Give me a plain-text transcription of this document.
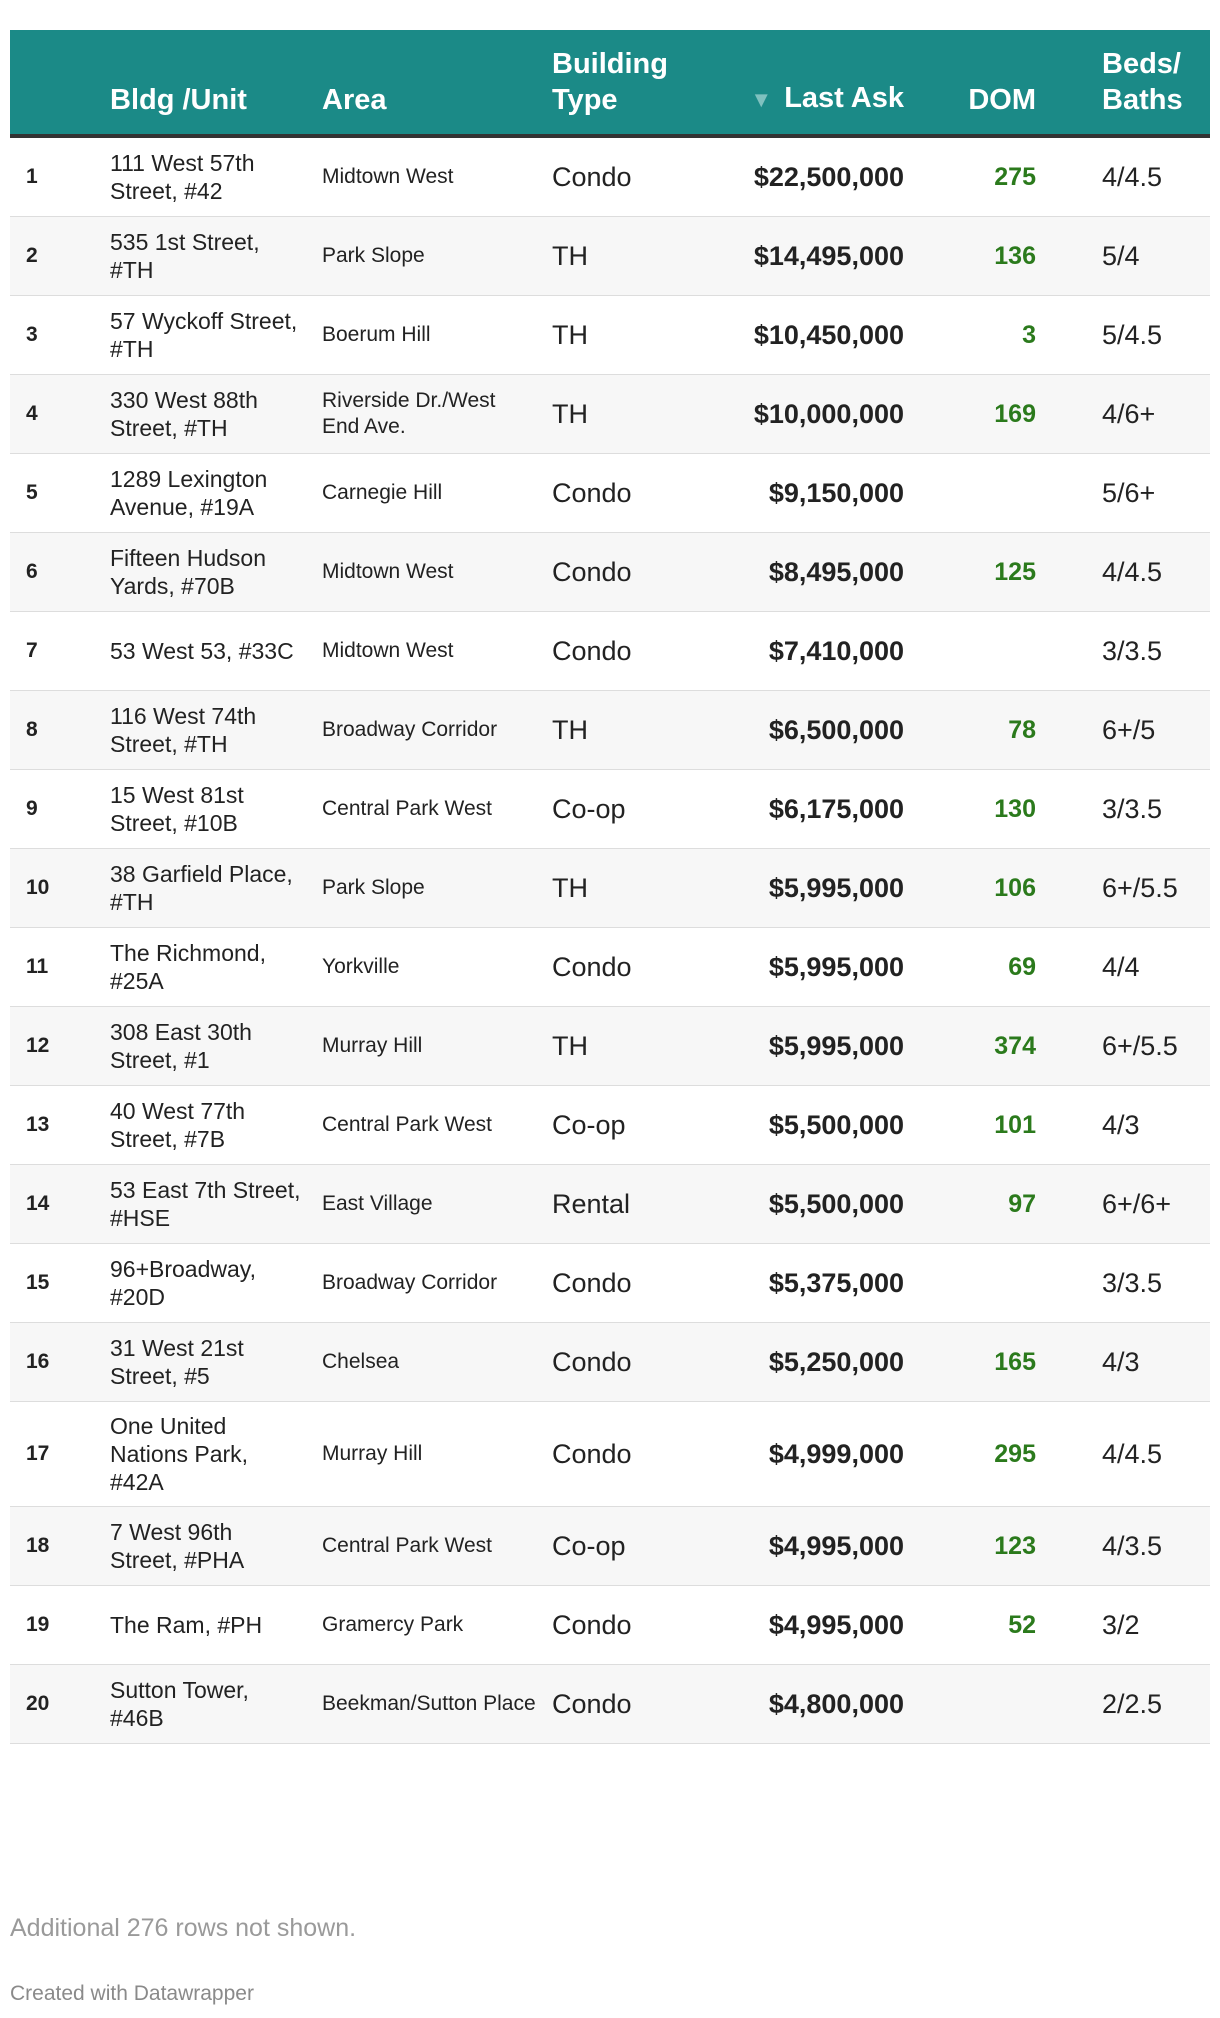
	Bldg /Unit	Area	Building Type	▼ Last Ask	DOM	Beds/ Baths
1	111 West 57th Street, #42	Midtown West	Condo	$22,500,000	275	4/4.5
2	535 1st Street, #TH	Park Slope	TH	$14,495,000	136	5/4
3	57 Wyckoff Street, #TH	Boerum Hill	TH	$10,450,000	3	5/4.5
4	330 West 88th Street, #TH	Riverside Dr./West End Ave.	TH	$10,000,000	169	4/6+
5	1289 Lexington Avenue, #19A	Carnegie Hill	Condo	$9,150,000		5/6+
6	Fifteen Hudson Yards, #70B	Midtown West	Condo	$8,495,000	125	4/4.5
7	53 West 53, #33C	Midtown West	Condo	$7,410,000		3/3.5
8	116 West 74th Street, #TH	Broadway Corridor	TH	$6,500,000	78	6+/5
9	15 West 81st Street, #10B	Central Park West	Co-op	$6,175,000	130	3/3.5
10	38 Garfield Place, #TH	Park Slope	TH	$5,995,000	106	6+/5.5
11	The Richmond, #25A	Yorkville	Condo	$5,995,000	69	4/4
12	308 East 30th Street, #1	Murray Hill	TH	$5,995,000	374	6+/5.5
13	40 West 77th Street, #7B	Central Park West	Co-op	$5,500,000	101	4/3
14	53 East 7th Street, #HSE	East Village	Rental	$5,500,000	97	6+/6+
15	96+Broadway, #20D	Broadway Corridor	Condo	$5,375,000		3/3.5
16	31 West 21st Street, #5	Chelsea	Condo	$5,250,000	165	4/3
17	One United Nations Park, #42A	Murray Hill	Condo	$4,999,000	295	4/4.5
18	7 West 96th Street, #PHA	Central Park West	Co-op	$4,995,000	123	4/3.5
19	The Ram, #PH	Gramercy Park	Condo	$4,995,000	52	3/2
20	Sutton Tower, #46B	Beekman/Sutton Place	Condo	$4,800,000		2/2.5
Additional 276 rows not shown.
Created with Datawrapper
